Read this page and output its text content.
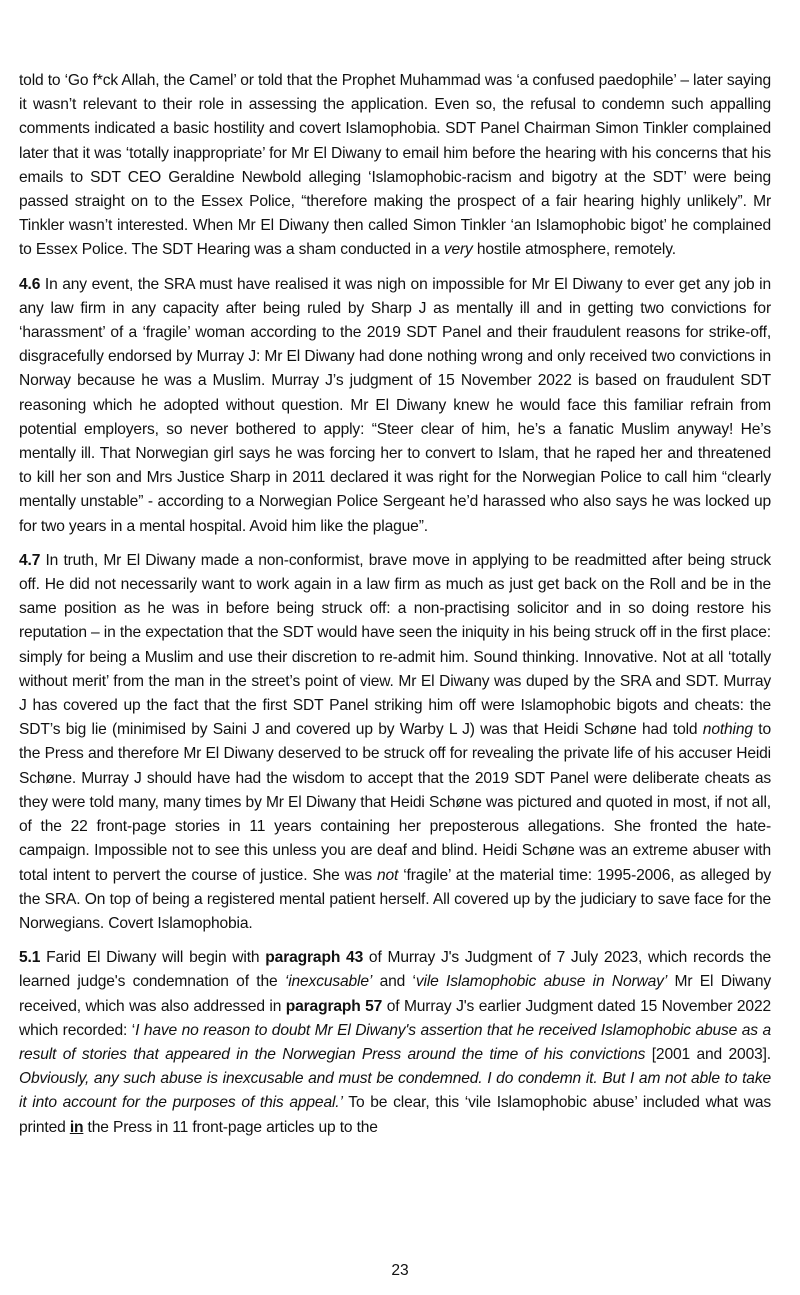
told to ‘Go f*ck Allah, the Camel’ or told that the Prophet Muhammad was ‘a confused paedophile’ – later saying it wasn’t relevant to their role in assessing the application. Even so, the refusal to condemn such appalling comments indicated a basic hostility and covert Islamophobia. SDT Panel Chairman Simon Tinkler complained later that it was ‘totally inappropriate’ for Mr El Diwany to email him before the hearing with his concerns that his emails to SDT CEO Geraldine Newbold alleging ‘Islamophobic-racism and bigotry at the SDT’ were being passed straight on to the Essex Police, “therefore making the prospect of a fair hearing highly unlikely”. Mr Tinkler wasn’t interested. When Mr El Diwany then called Simon Tinkler ‘an Islamophobic bigot’ he complained to Essex Police. The SDT Hearing was a sham conducted in a very hostile atmosphere, remotely.

4.6 In any event, the SRA must have realised it was nigh on impossible for Mr El Diwany to ever get any job in any law firm in any capacity after being ruled by Sharp J as mentally ill and in getting two convictions for ‘harassment’ of a ‘fragile’ woman according to the 2019 SDT Panel and their fraudulent reasons for strike-off, disgracefully endorsed by Murray J: Mr El Diwany had done nothing wrong and only received two convictions in Norway because he was a Muslim. Murray J’s judgment of 15 November 2022 is based on fraudulent SDT reasoning which he adopted without question. Mr El Diwany knew he would face this familiar refrain from potential employers, so never bothered to apply: “Steer clear of him, he’s a fanatic Muslim anyway! He’s mentally ill. That Norwegian girl says he was forcing her to convert to Islam, that he raped her and threatened to kill her son and Mrs Justice Sharp in 2011 declared it was right for the Norwegian Police to call him “clearly mentally unstable” - according to a Norwegian Police Sergeant he’d harassed who also says he was locked up for two years in a mental hospital. Avoid him like the plague”.

4.7 In truth, Mr El Diwany made a non-conformist, brave move in applying to be readmitted after being struck off. He did not necessarily want to work again in a law firm as much as just get back on the Roll and be in the same position as he was in before being struck off: a non-practising solicitor and in so doing restore his reputation – in the expectation that the SDT would have seen the iniquity in his being struck off in the first place: simply for being a Muslim and use their discretion to re-admit him. Sound thinking. Innovative. Not at all ‘totally without merit’ from the man in the street’s point of view. Mr El Diwany was duped by the SRA and SDT. Murray J has covered up the fact that the first SDT Panel striking him off were Islamophobic bigots and cheats: the SDT’s big lie (minimised by Saini J and covered up by Warby L J) was that Heidi Schøne had told nothing to the Press and therefore Mr El Diwany deserved to be struck off for revealing the private life of his accuser Heidi Schøne. Murray J should have had the wisdom to accept that the 2019 SDT Panel were deliberate cheats as they were told many, many times by Mr El Diwany that Heidi Schøne was pictured and quoted in most, if not all, of the 22 front-page stories in 11 years containing her preposterous allegations. She fronted the hate-campaign. Impossible not to see this unless you are deaf and blind. Heidi Schøne was an extreme abuser with total intent to pervert the course of justice. She was not ‘fragile’ at the material time: 1995-2006, as alleged by the SRA. On top of being a registered mental patient herself. All covered up by the judiciary to save face for the Norwegians. Covert Islamophobia.

5.1 Farid El Diwany will begin with paragraph 43 of Murray J's Judgment of 7 July 2023, which records the learned judge's condemnation of the ‘inexcusable’ and ‘vile Islamophobic abuse in Norway’ Mr El Diwany received, which was also addressed in paragraph 57 of Murray J's earlier Judgment dated 15 November 2022 which recorded: ‘I have no reason to doubt Mr El Diwany's assertion that he received Islamophobic abuse as a result of stories that appeared in the Norwegian Press around the time of his convictions [2001 and 2003]. Obviously, any such abuse is inexcusable and must be condemned. I do condemn it. But I am not able to take it into account for the purposes of this appeal.’ To be clear, this ‘vile Islamophobic abuse’ included what was printed in the Press in 11 front-page articles up to the

23
